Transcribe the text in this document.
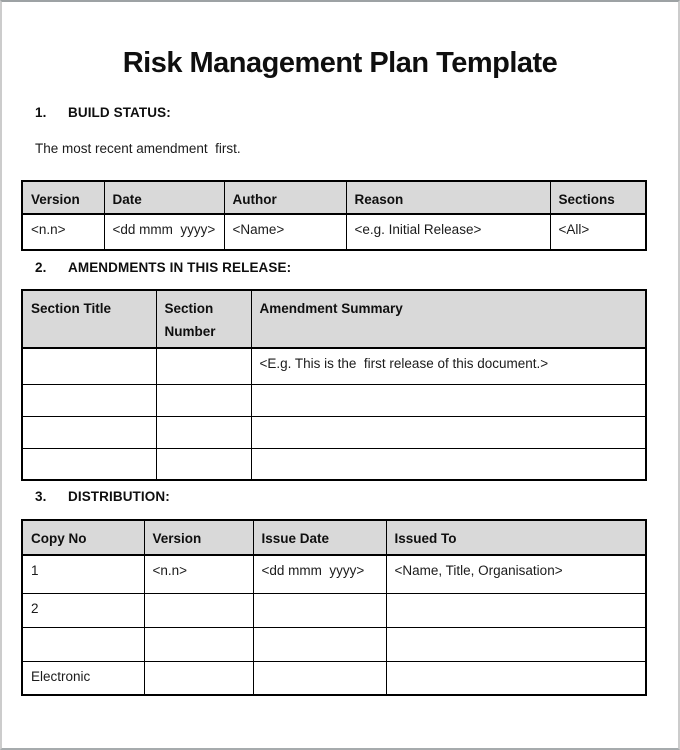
Risk Management Plan Template
1.	BUILD STATUS:

The most recent amendment  first.

Version	Date	Author	Reason	Sections
<n.n>	<dd mmm  yyyy>	<Name>	<e.g. Initial Release>	<All>
2.	AMENDMENTS IN THIS RELEASE:
Section Title	Section Number	Amendment Summary
		<E.g. This is the  first release of this document.>

3.	DISTRIBUTION:
Copy No	Version	Issue Date	Issued To
1	<n.n>	<dd mmm  yyyy>	<Name, Title, Organisation>
2			

Electronic			
